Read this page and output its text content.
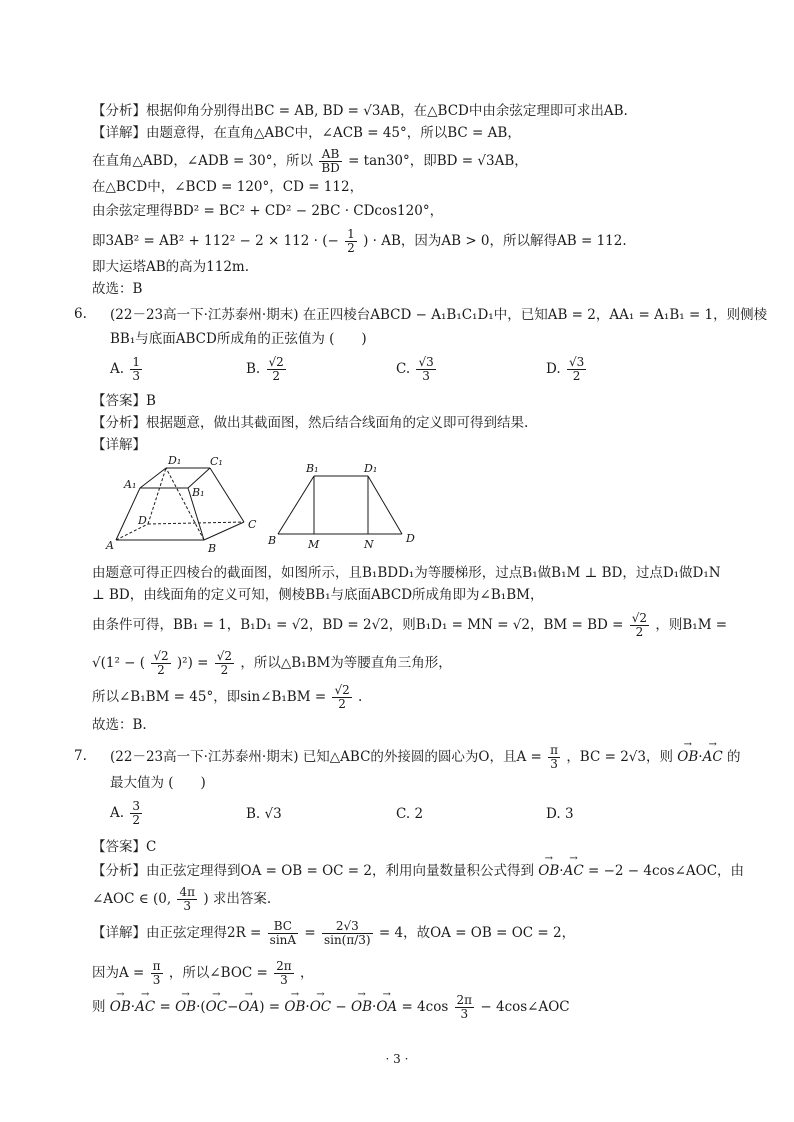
【分析】根据仰角分别得出BC = AB, BD = √3AB，在△BCD中由余弦定理即可求出AB.
【详解】由题意得，在直角△ABC中，∠ACB = 45°，所以BC = AB，
在直角△ABD，∠ADB = 30°，所以 $\frac{AB}{BD} = \tan 30^\circ$，即BD = √3AB，
在△BCD中，∠BCD = 120°，CD = 112，
由余弦定理得BD² = BC² + CD² − 2BC · CDcos120°，
即3AB² = AB² + 112² − 2 × 112 · (− $\frac{1}{2}$ ) · AB，因为AB > 0，所以解得AB = 112.
即大运塔AB的高为112m.
故选：B
6. (22－23高一下·江苏泰州·期末) 在正四棱台ABCD − A₁B₁C₁D₁中，已知AB = 2，AA₁ = A₁B₁ = 1，则侧棱
BB₁与底面ABCD所成角的正弦值为 (　　)
A. $\frac{1}{3}$	B. $\frac{√2}{2}$	C. $\frac{√3}{3}$	D. $\frac{√3}{2}$
【答案】B
【分析】根据题意，做出其截面图，然后结合线面角的定义即可得到结果.
【详解】
D₁	C₁
A₁
B₁
D	C
A	B
B₁	D₁
B	M	N	D
由题意可得正四棱台的截面图，如图所示，且B₁BDD₁为等腰梯形，过点B₁做B₁M ⊥ BD，过点D₁做D₁N
⊥ BD，由线面角的定义可知，侧棱BB₁与底面ABCD所成角即为∠B₁BM，
由条件可得，BB₁ = 1，B₁D₁ = √2，BD = 2√2，则B₁D₁ = MN = √2，BM = BD = $\frac{√2}{2}$ ，则B₁M =
√(1² − ( $\frac{√2}{2} )^2) = \frac{√2}{2}$ ，所以△B₁BM为等腰直角三角形，
所以∠B₁BM = 45°，即sin∠B₁BM = $\frac{√2}{2}$ .
故选：B.
7. (22－23高一下·江苏泰州·期末) 已知△ABC的外接圆的圆心为O，且$A = \frac{\pi}{3}$ ，BC = 2√3，则 → OB·→ AC 的
最大值为 (　　)
A. $\frac{3}{2}$	B. √3	C. 2	D. 3
【答案】C
【分析】由正弦定理得到OA = OB = OC = 2，利用向量数量积公式得到 → OB·→ AC = −2 − 4cos∠AOC，由
∠AOC ∈ (0, $\frac{4\pi}{3}$ ) 求出答案.
【详解】由正弦定理得$2R = \frac{BC}{\sin A} = \frac{2√3}{\sin(\pi/3)} = 4$，故OA = OB = OC = 2，
因为$A = \frac{\pi}{3}$ ，所以∠BOC = $\frac{2\pi}{3}$ ，
则 → OB·→ AC = → OB·(→ OC−→ OA) = → OB·→ OC − → OB·→ OA = $4\cos \frac{2\pi}{3}$ − 4cos∠AOC
· 3 ·
